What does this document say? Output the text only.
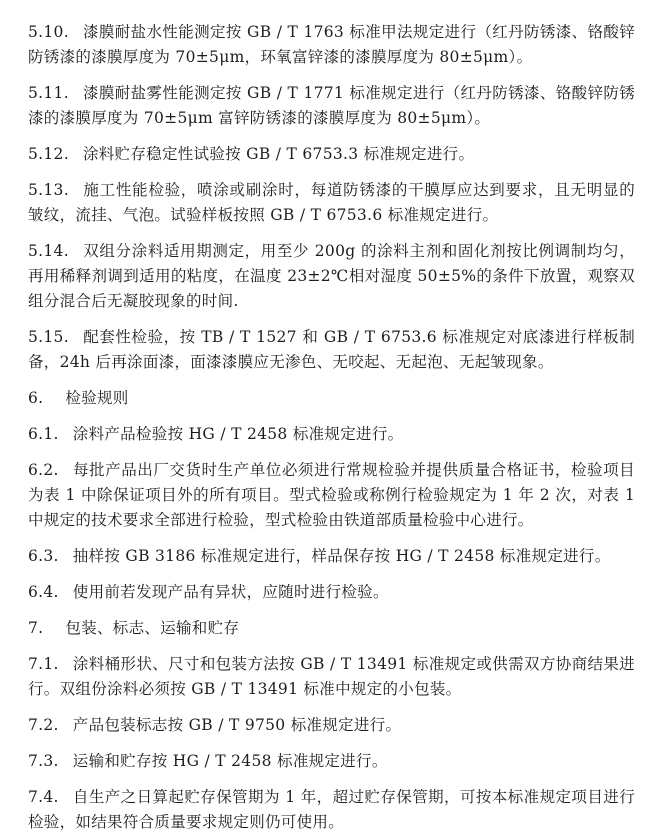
5.10. 漆膜耐盐水性能测定按 GB / T 1763 标准甲法规定进行（红丹防锈漆、铬酸锌防锈漆的漆膜厚度为 70±5μm，环氧富锌漆的漆膜厚度为 80±5μm）。

5.11. 漆膜耐盐雾性能测定按 GB / T 1771 标准规定进行（红丹防锈漆、铬酸锌防锈漆的漆膜厚度为 70±5μm 富锌防锈漆的漆膜厚度为 80±5μm）。

5.12. 涂料贮存稳定性试验按 GB / T 6753.3 标准规定进行。

5.13. 施工性能检验，喷涂或刷涂时，每道防锈漆的干膜厚应达到要求，且无明显的皱纹，流挂、气泡。试验样板按照 GB / T 6753.6 标准规定进行。

5.14. 双组分涂料适用期测定，用至少 200g 的涂料主剂和固化剂按比例调制均匀，再用稀释剂调到适用的粘度，在温度 23±2℃相对湿度 50±5%的条件下放置，观察双组分混合后无凝胶现象的时间.

5.15. 配套性检验，按 TB / T 1527 和 GB / T 6753.6 标准规定对底漆进行样板制备，24h 后再涂面漆，面漆漆膜应无渗色、无咬起、无起泡、无起皱现象。

6. 检验规则

6.1. 涂料产品检验按 HG / T 2458 标准规定进行。

6.2. 每批产品出厂交货时生产单位必须进行常规检验并提供质量合格证书，检验项目为表 1 中除保证项目外的所有项目。型式检验或称例行检验规定为 1 年 2 次，对表 1 中规定的技术要求全部进行检验，型式检验由铁道部质量检验中心进行。

6.3. 抽样按 GB 3186 标准规定进行，样品保存按 HG / T 2458 标准规定进行。

6.4. 使用前若发现产品有异状，应随时进行检验。

7. 包装、标志、运输和贮存

7.1. 涂料桶形状、尺寸和包装方法按 GB / T 13491 标准规定或供需双方协商结果进行。双组份涂料必须按 GB / T 13491 标准中规定的小包装。

7.2. 产品包装标志按 GB / T 9750 标准规定进行。

7.3. 运输和贮存按 HG / T 2458 标准规定进行。

7.4. 自生产之日算起贮存保管期为 1 年，超过贮存保管期，可按本标准规定项目进行检验，如结果符合质量要求规定则仍可使用。
